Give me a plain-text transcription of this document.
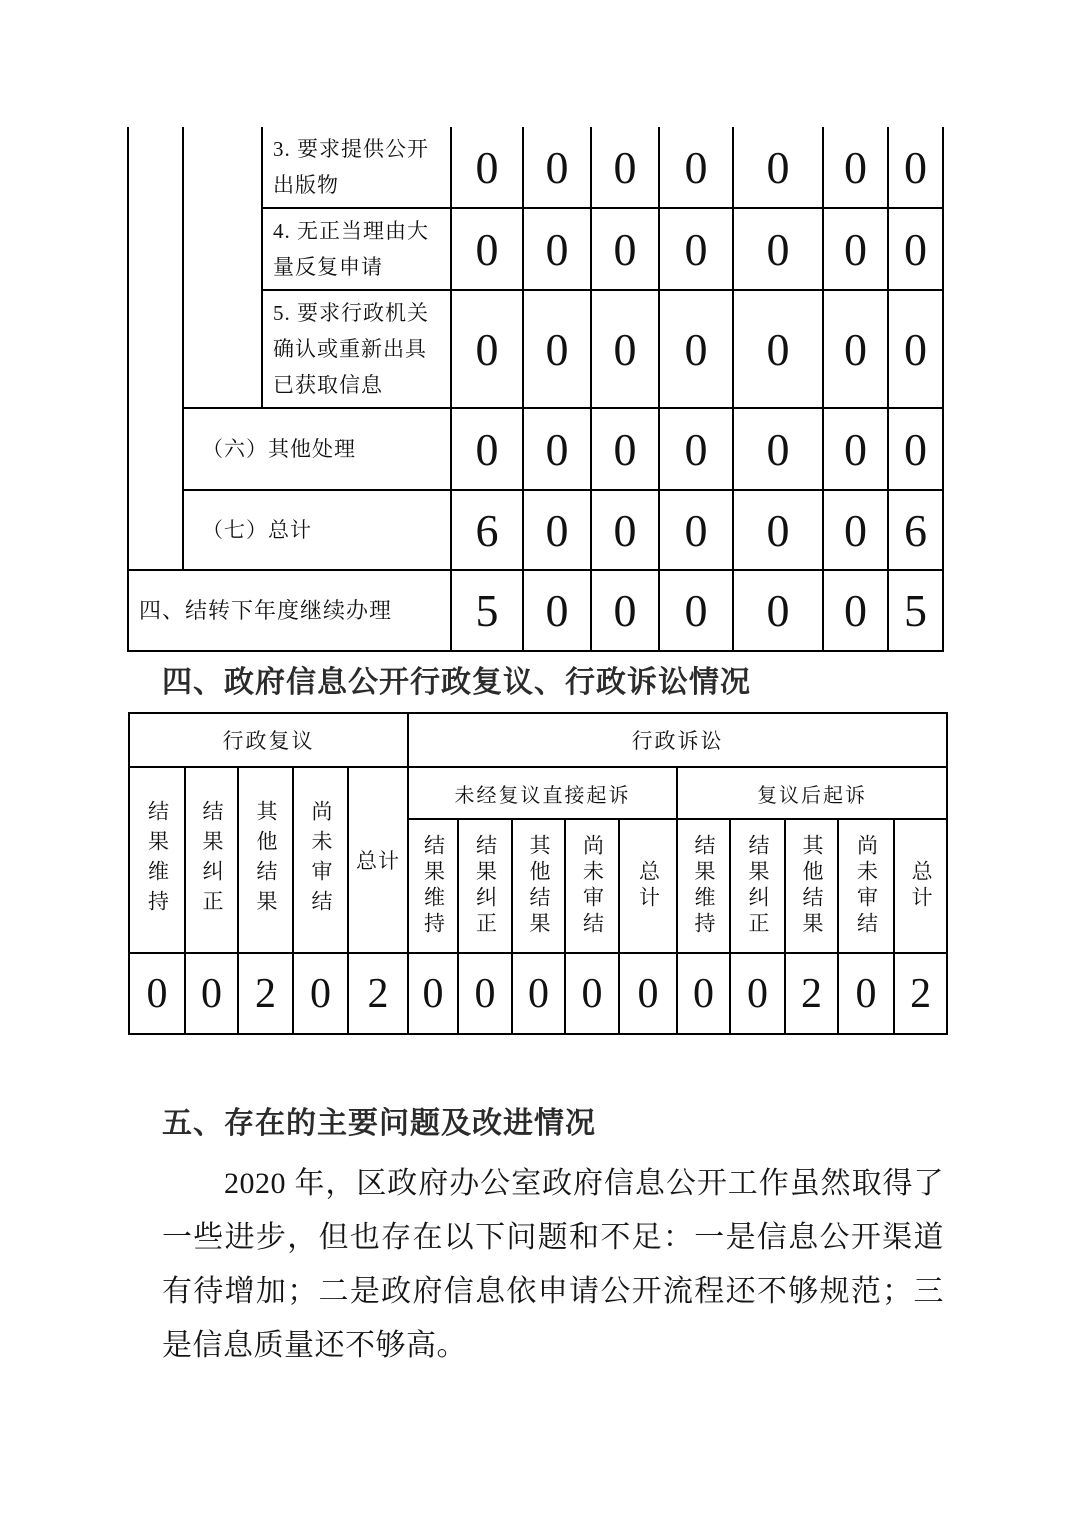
		3. 要求提供公开出版物	0	0	0	0	0	0	0
		4. 无正当理由大量反复申请	0	0	0	0	0	0	0
		5. 要求行政机关确认或重新出具已获取信息	0	0	0	0	0	0	0
	（六）其他处理		0	0	0	0	0	0	0
	（七）总计		6	0	0	0	0	0	6
四、结转下年度继续办理			5	0	0	0	0	0	5
四、政府信息公开行政复议、行政诉讼情况
行政复议					行政诉讼									

结果维持	结果纠正	其他结果	尚未审结	总计	未经复议直接起诉					复议后起诉				

					结果维持	结果纠正	其他结果	尚未审结	总计	结果维持	结果纠正	其他结果	尚未审结	总计

0	0	2	0	2	0	0	0	0	0	0	0	2	0	2
五、存在的主要问题及改进情况

2020 年，区政府办公室政府信息公开工作虽然取得了一些进步，但也存在以下问题和不足：一是信息公开渠道有待增加；二是政府信息依申请公开流程还不够规范；三是信息质量还不够高。
